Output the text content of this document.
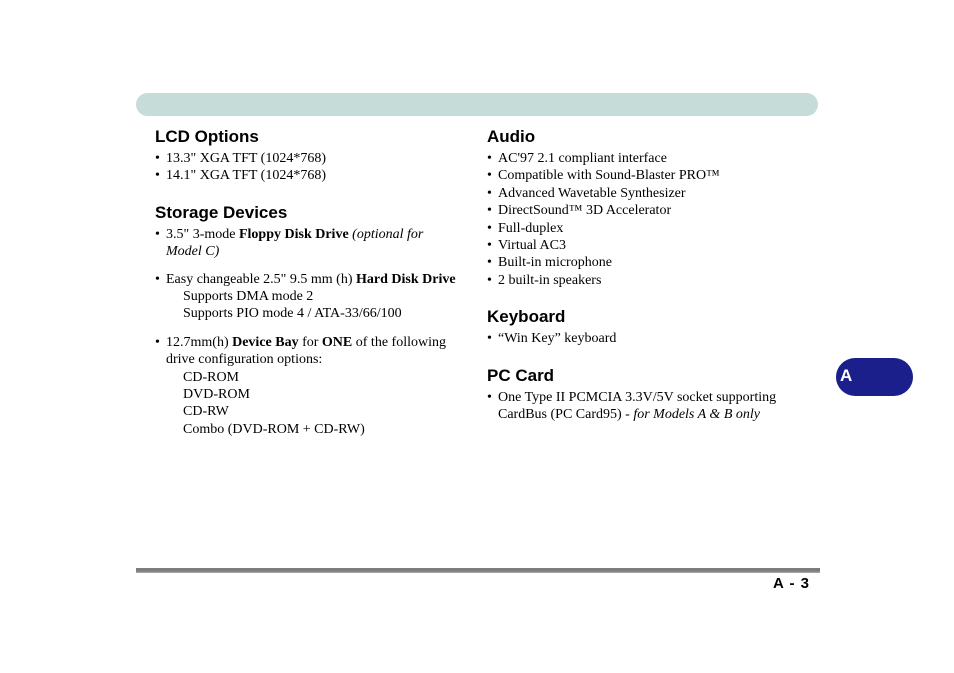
LCD Options
• 13.3" XGA TFT (1024*768)
• 14.1" XGA TFT (1024*768)
Storage Devices
• 3.5" 3-mode Floppy Disk Drive (optional for
Model C)
• Easy changeable 2.5" 9.5 mm (h) Hard Disk Drive
Supports DMA mode 2
Supports PIO mode 4 / ATA-33/66/100
• 12.7mm(h) Device Bay for ONE of the following
drive configuration options:
CD-ROM
DVD-ROM
CD-RW
Combo (DVD-ROM + CD-RW)
Audio
• AC'97 2.1 compliant interface
• Compatible with Sound-Blaster PRO™
• Advanced Wavetable Synthesizer
• DirectSound™ 3D Accelerator
• Full-duplex
• Virtual AC3
• Built-in microphone
• 2 built-in speakers
Keyboard
• “Win Key” keyboard
PC Card
• One Type II PCMCIA 3.3V/5V socket supporting
CardBus (PC Card95) - for Models A & B only
A
A - 3
